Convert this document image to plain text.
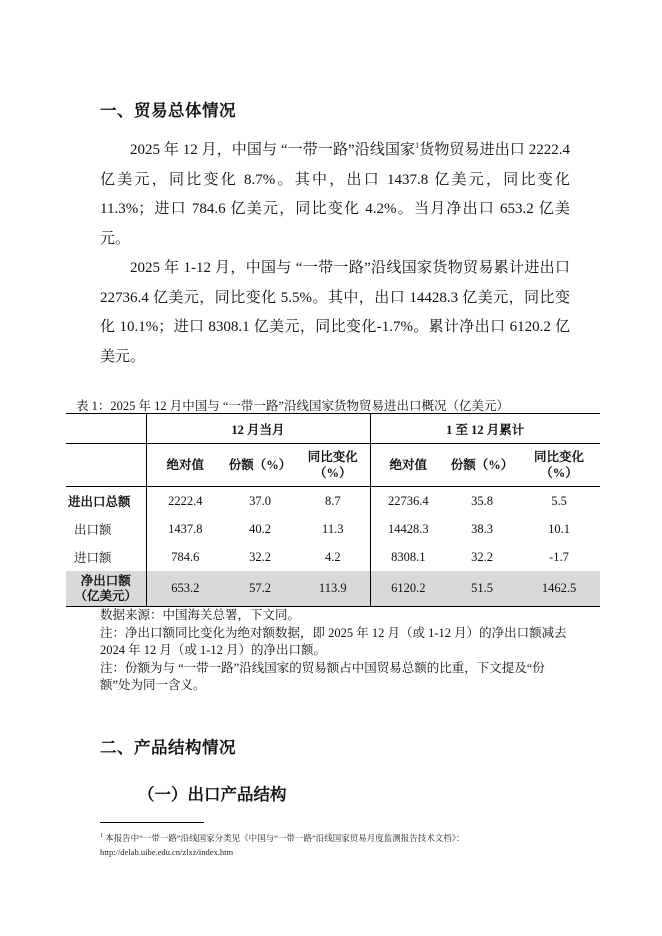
一、贸易总体情况

2025 年 12 月，中国与 “一带一路”沿线国家$^1$货物贸易进出口 2222.4 亿美元，同比变化 8.7%。其中，出口 1437.8 亿美元，同比变化 11.3%；进口 784.6 亿美元，同比变化 4.2%。当月净出口 653.2 亿美元。

2025 年 1-12 月，中国与 “一带一路”沿线国家货物贸易累计进出口 22736.4 亿美元，同比变化 5.5%。其中，出口 14428.3 亿美元，同比变化 10.1%；进口 8308.1 亿美元，同比变化-1.7%。累计净出口 6120.2 亿美元。

表 1：2025 年 12 月中国与 “一带一路”沿线国家货物贸易进出口概况（亿美元）
	12 月当月			1 至 12 月累计		
	绝对值	份额（%）	同比变化
（%）	绝对值	份额（%）	同比变化
（%）
进出口总额	2222.4	37.0	8.7	22736.4	35.8	5.5
出口额	1437.8	40.2	11.3	14428.3	38.3	10.1
进口额	784.6	32.2	4.2	8308.1	32.2	-1.7
净出口额
（亿美元）	653.2	57.2	113.9	6120.2	51.5	1462.5
数据来源：中国海关总署，下文同。
注：净出口额同比变化为绝对额数据，即 2025 年 12 月（或 1-12 月）的净出口额减去 2024 年 12 月（或 1-12 月）的净出口额。
注：份额为与 “一带一路”沿线国家的贸易额占中国贸易总额的比重，下文提及“份额”处为同一含义。
二、产品结构情况
（一）出口产品结构
$^1$ 本报告中“一带一路”沿线国家分类见《中国与“一带一路”沿线国家贸易月度监测报告技术文档》：
http://delab.uibe.edu.cn/zlxz/index.htm
